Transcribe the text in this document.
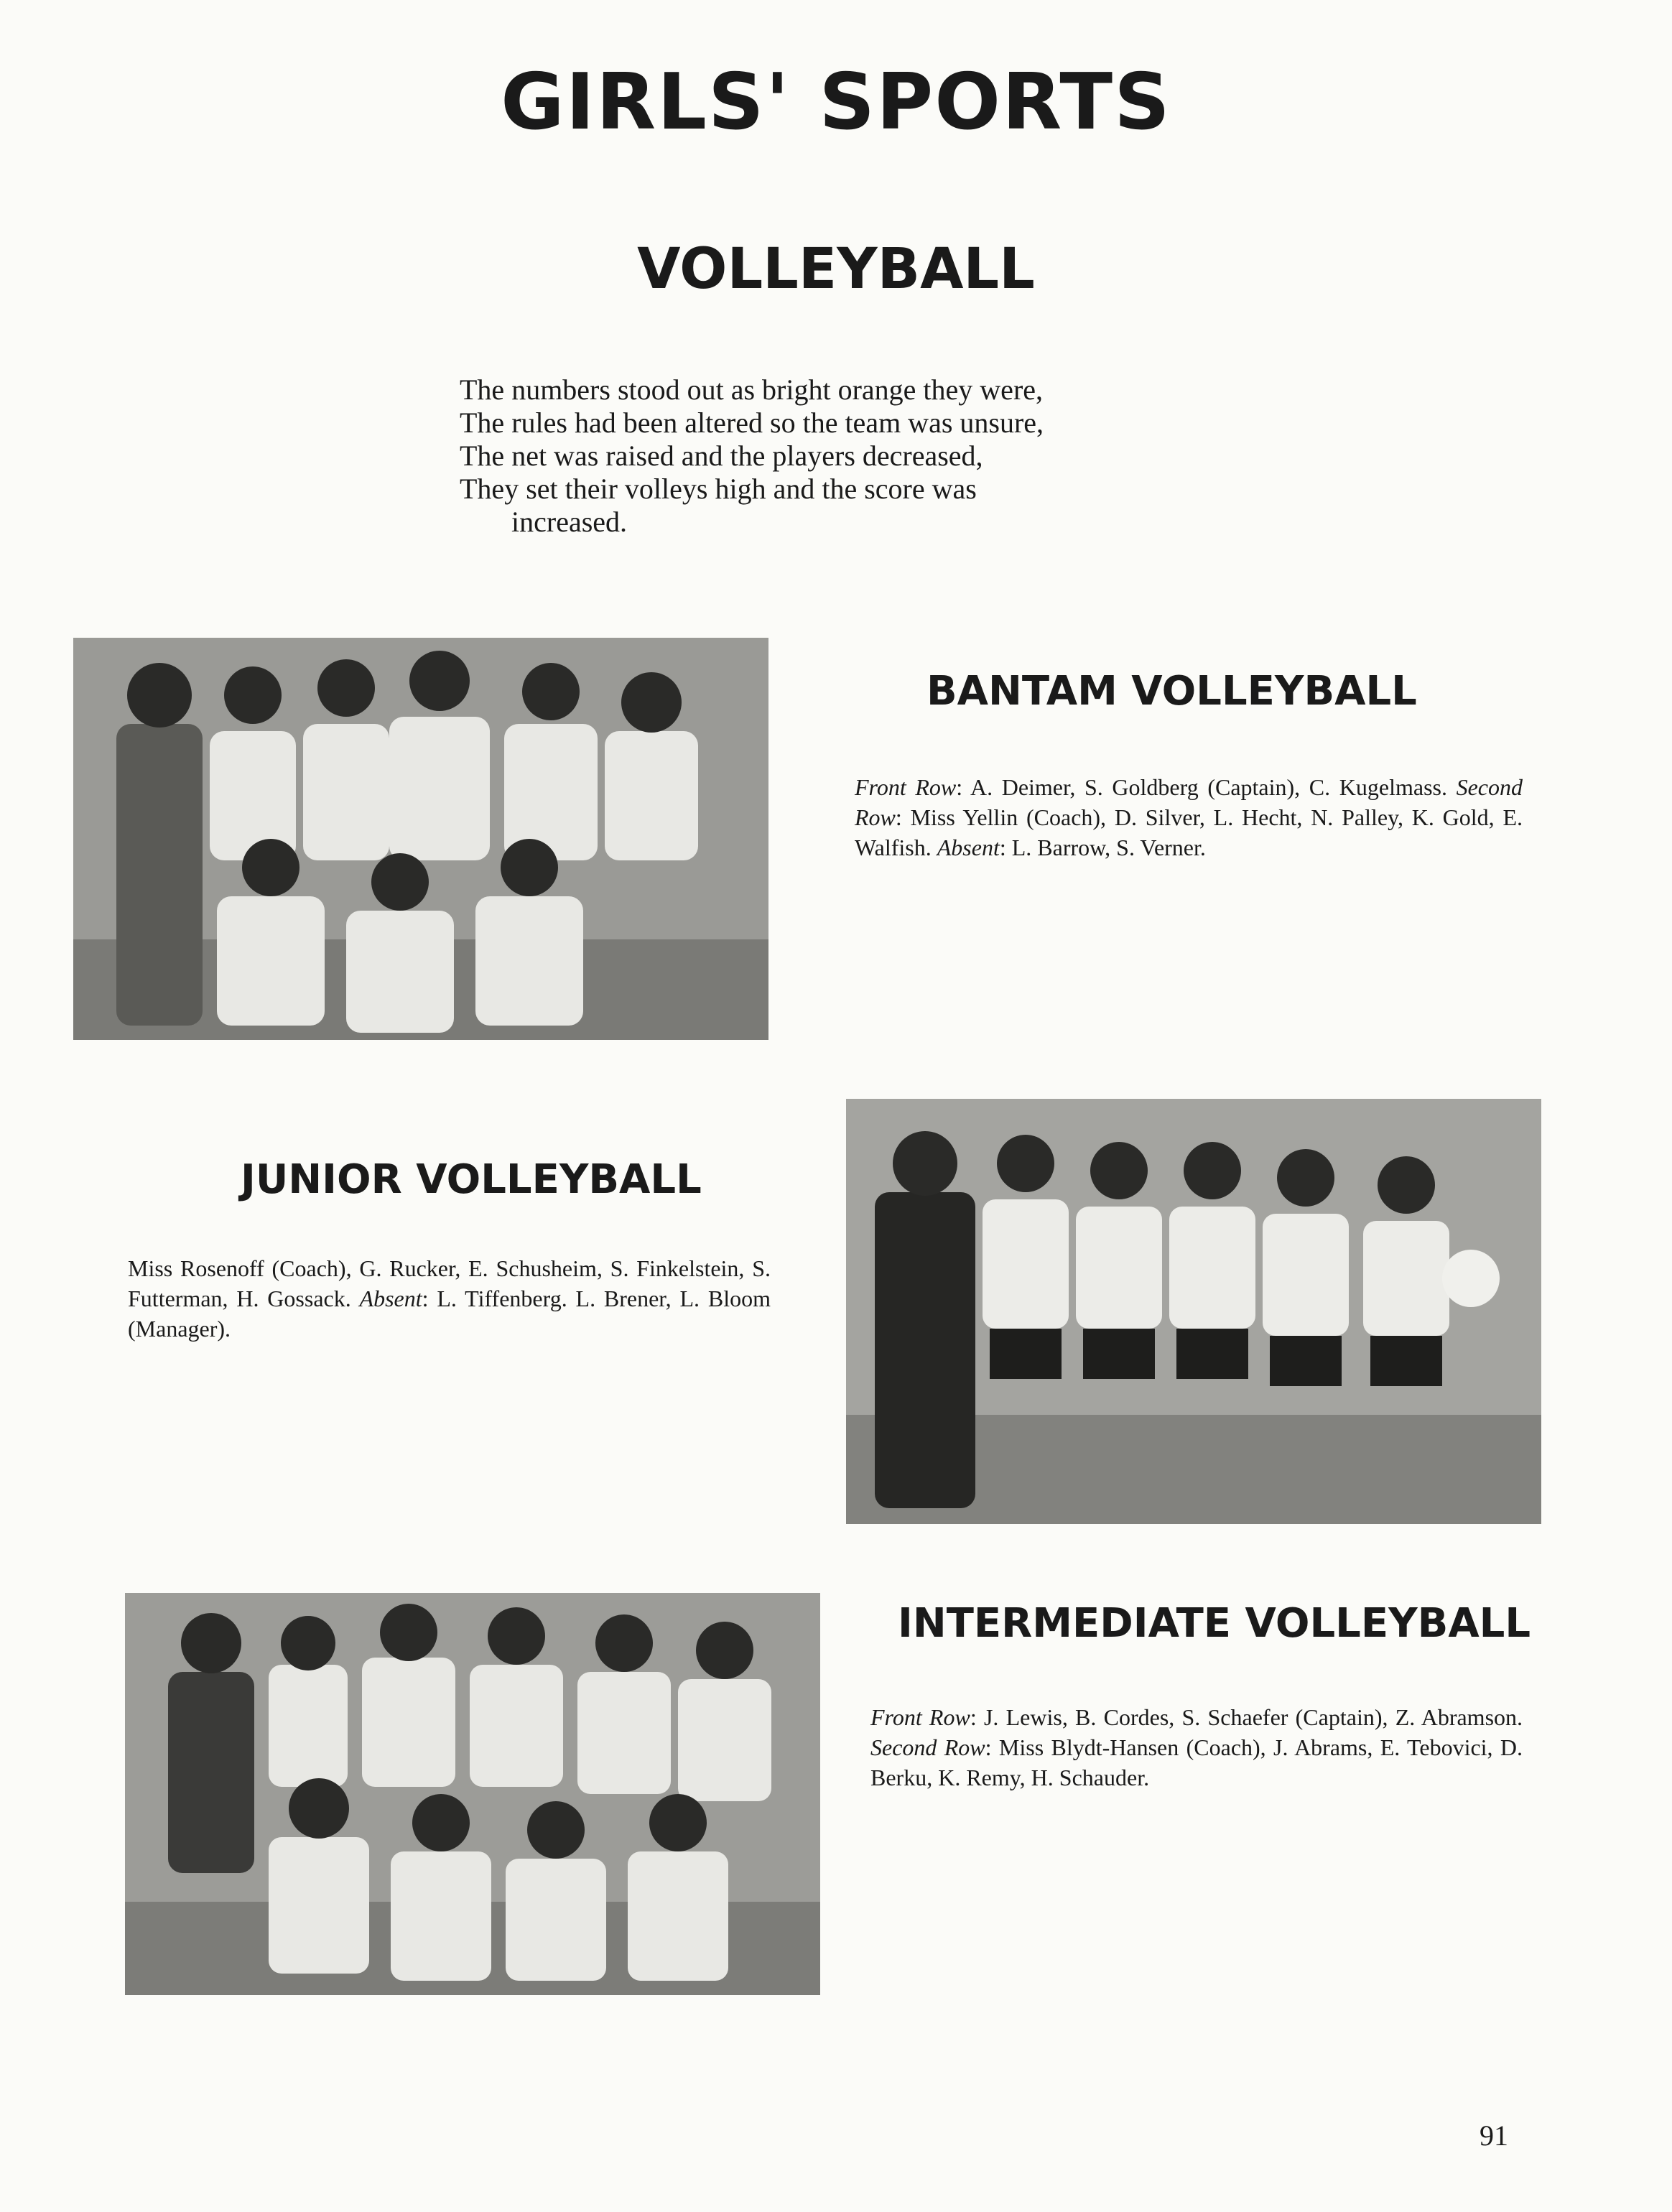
GIRLS' SPORTS
VOLLEYBALL
The numbers stood out as bright orange they were,
The rules had been altered so the team was unsure,
The net was raised and the players decreased,
They set their volleys high and the score was
increased.
BANTAM VOLLEYBALL
Front Row: A. Deimer, S. Goldberg (Captain), C. Kugelmass. Second Row: Miss Yellin (Coach), D. Silver, L. Hecht, N. Palley, K. Gold, E. Walfish. Absent: L. Barrow, S. Verner.
JUNIOR VOLLEYBALL
Miss Rosenoff (Coach), G. Rucker, E. Schusheim, S. Finkelstein, S. Futterman, H. Gossack. Absent: L. Tiffenberg. L. Brener, L. Bloom (Manager).
INTERMEDIATE VOLLEYBALL
Front Row: J. Lewis, B. Cordes, S. Schaefer (Captain), Z. Abramson. Second Row: Miss Blydt-Hansen (Coach), J. Abrams, E. Tebovici, D. Berku, K. Remy, H. Schauder.
91
